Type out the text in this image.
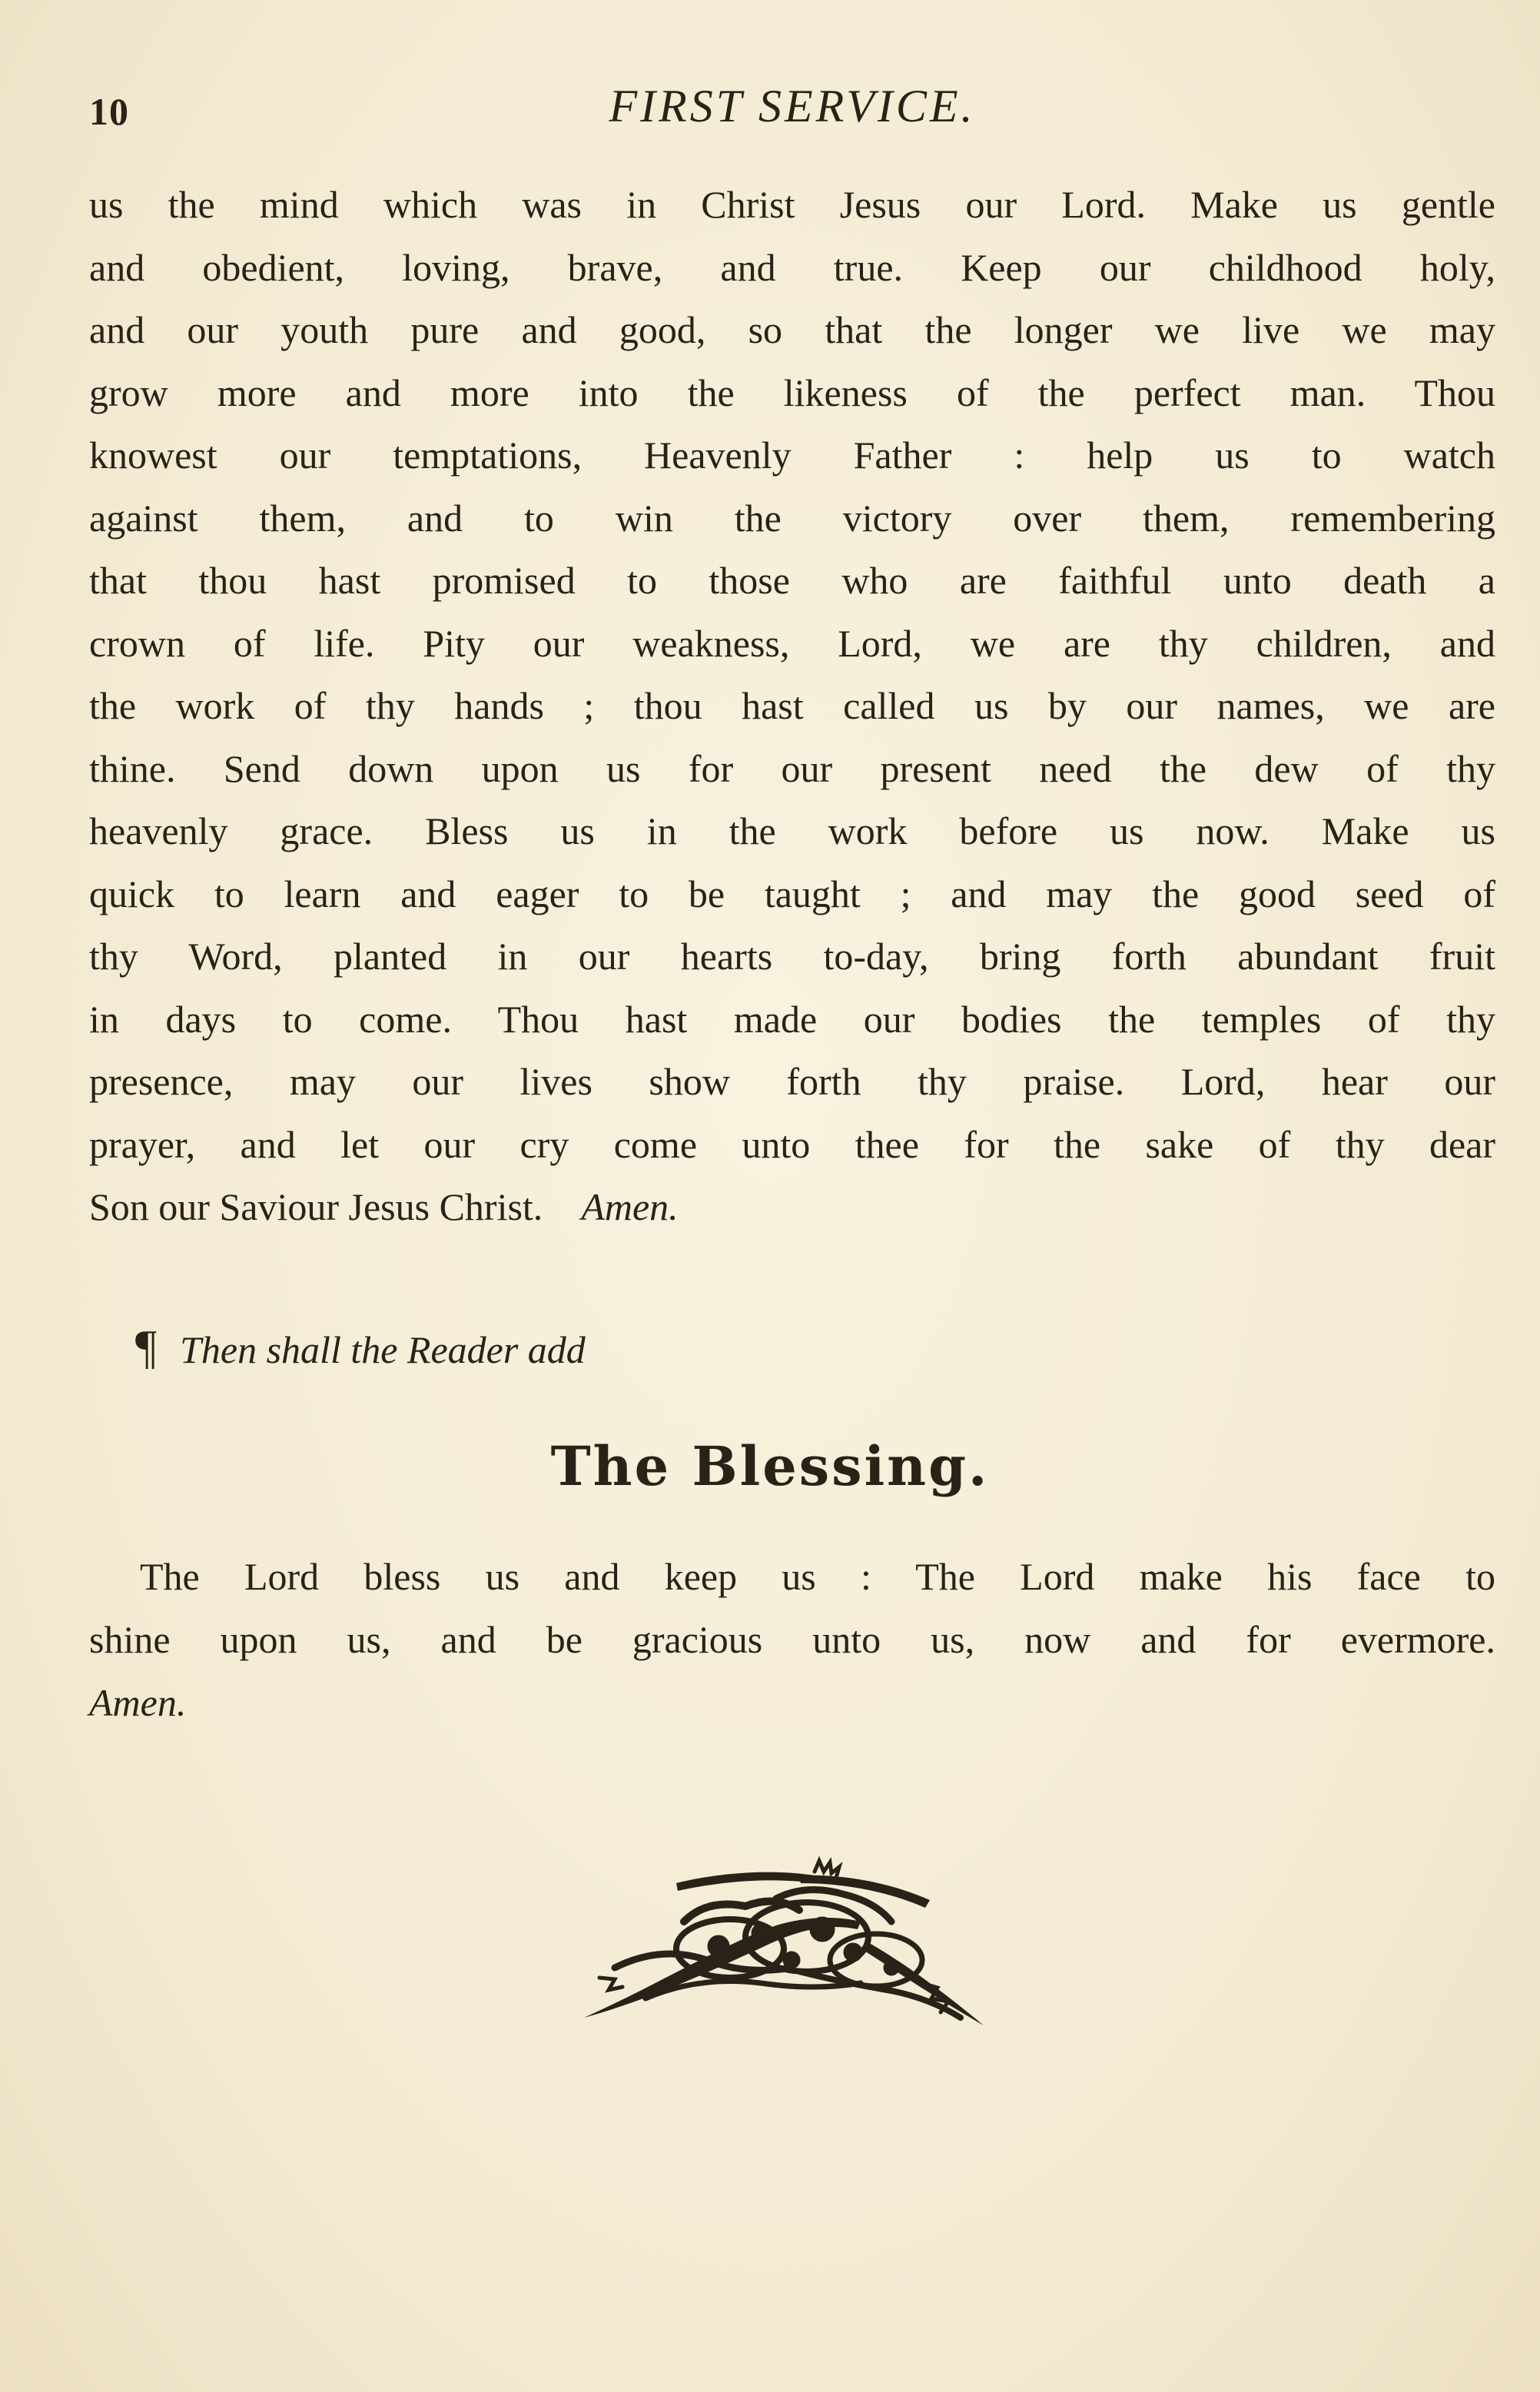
10	FIRST SERVICE.
us the mind which was in Christ Jesus our Lord. Make us gentle
and obedient, loving, brave, and true. Keep our childhood holy,
and our youth pure and good, so that the longer we live we may
grow more and more into the likeness of the perfect man. Thou
knowest our temptations, Heavenly Father : help us to watch
against them, and to win the victory over them, remembering
that thou hast promised to those who are faithful unto death a
crown of life. Pity our weakness, Lord, we are thy children, and
the work of thy hands ; thou hast called us by our names, we are
thine. Send down upon us for our present need the dew of thy
heavenly grace. Bless us in the work before us now. Make us
quick to learn and eager to be taught ; and may the good seed of
thy Word, planted in our hearts to-day, bring forth abundant fruit
in days to come. Thou hast made our bodies the temples of thy
presence, may our lives show forth thy praise. Lord, hear our
prayer, and let our cry come unto thee for the sake of thy dear
Son our Saviour Jesus Christ. Amen.
¶ Then shall the Reader add
The Blessing.
The Lord bless us and keep us : The Lord make his face to
shine upon us, and be gracious unto us, now and for evermore.
Amen.
